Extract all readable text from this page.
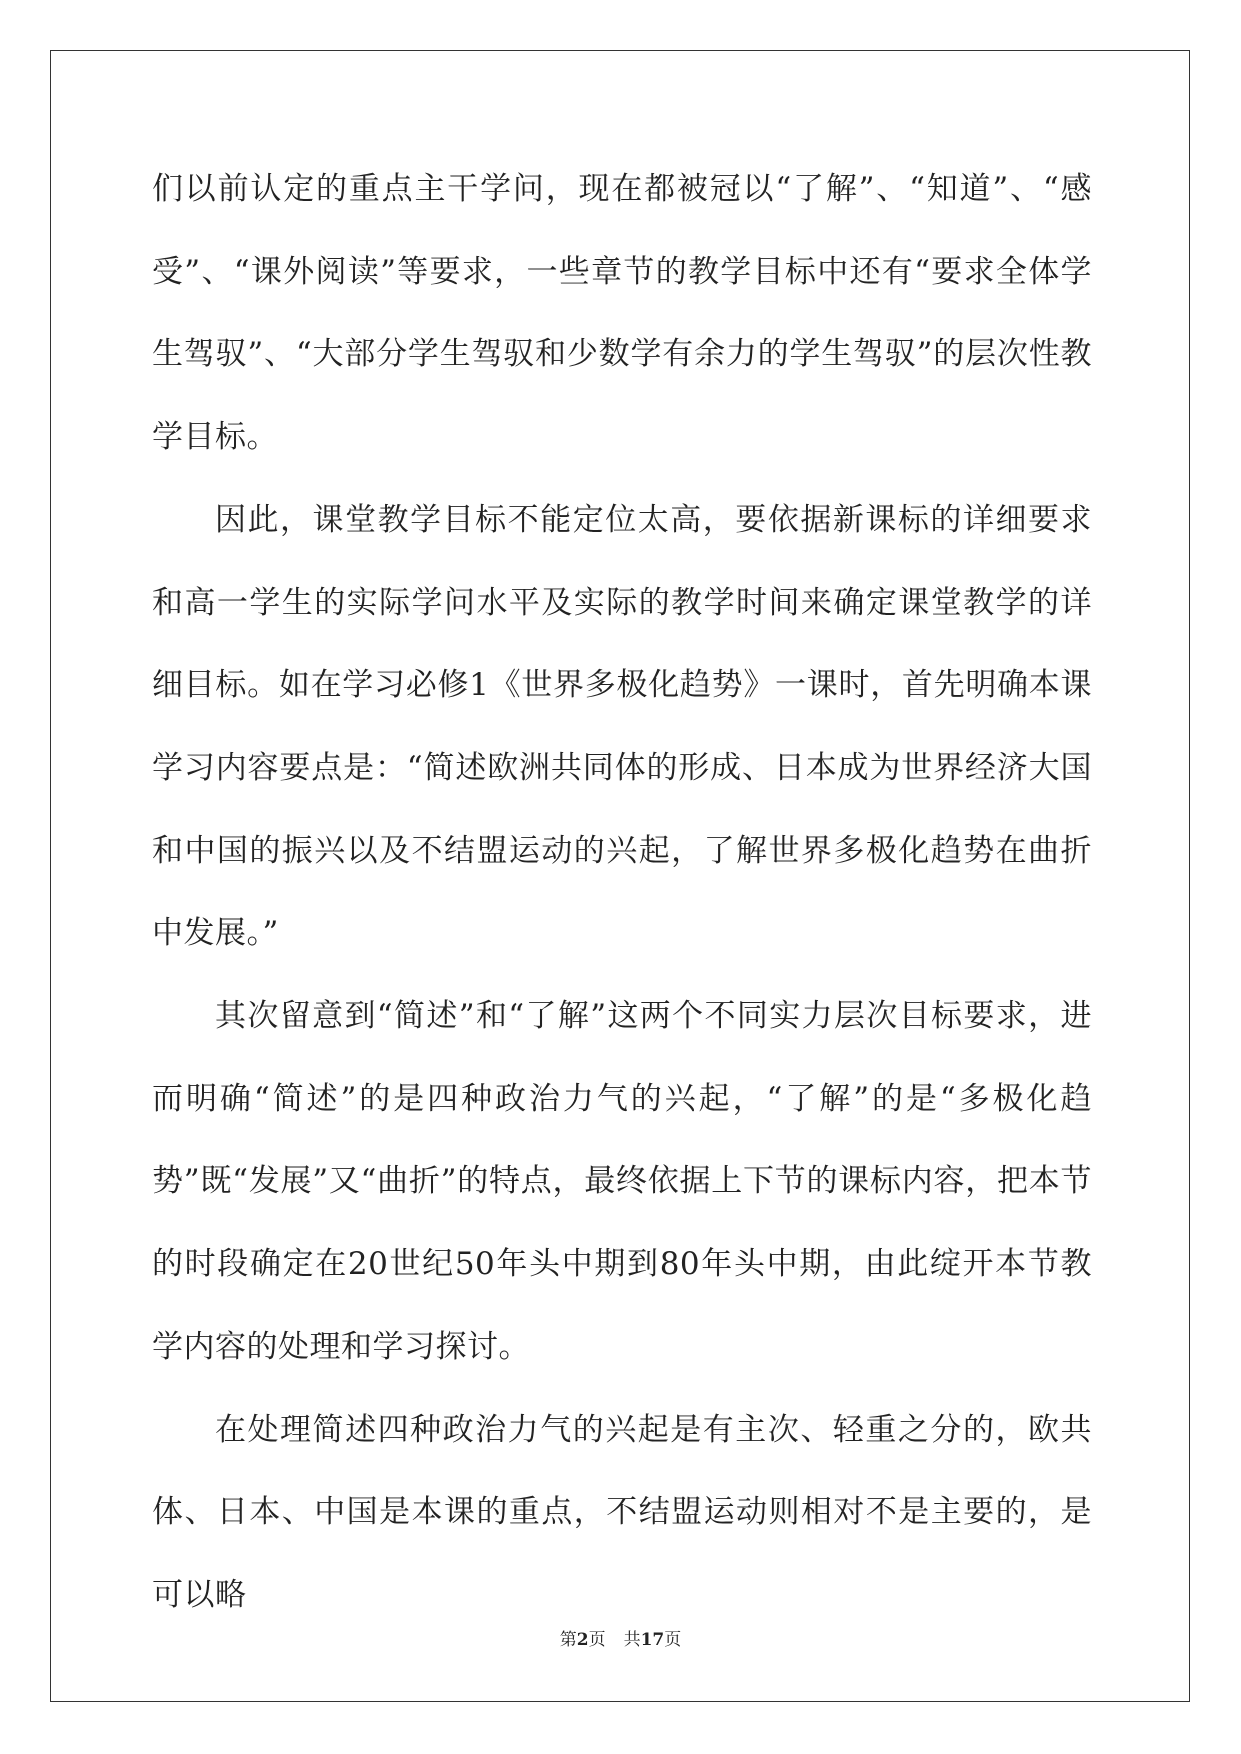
们以前认定的重点主干学问，现在都被冠以“了解”、“知道”、“感受”、“课外阅读”等要求，一些章节的教学目标中还有“要求全体学生驾驭”、“大部分学生驾驭和少数学有余力的学生驾驭”的层次性教学目标。

因此，课堂教学目标不能定位太高，要依据新课标的详细要求和高一学生的实际学问水平及实际的教学时间来确定课堂教学的详细目标。如在学习必修1《世界多极化趋势》一课时，首先明确本课学习内容要点是：“简述欧洲共同体的形成、日本成为世界经济大国和中国的振兴以及不结盟运动的兴起，了解世界多极化趋势在曲折中发展。”

其次留意到“简述”和“了解”这两个不同实力层次目标要求，进而明确“简述”的是四种政治力气的兴起，“了解”的是“多极化趋势”既“发展”又“曲折”的特点，最终依据上下节的课标内容，把本节的时段确定在20世纪50年头中期到80年头中期，由此绽开本节教学内容的处理和学习探讨。

在处理简述四种政治力气的兴起是有主次、轻重之分的，欧共体、日本、中国是本课的重点，不结盟运动则相对不是主要的，是可以略

第2页 共17页
